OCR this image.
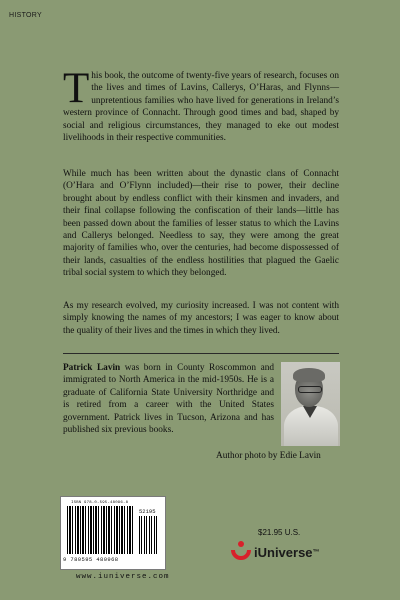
HISTORY

This book, the outcome of twenty-five years of research, focuses on the lives and times of Lavins, Callerys, O’Haras, and Flynns—unpretentious families who have lived for generations in Ireland’s western province of Connacht. Through good times and bad, shaped by social and religious circumstances, they managed to eke out modest livelihoods in their respective communities.

While much has been written about the dynastic clans of Connacht (O’Hara and O’Flynn included)—their rise to power, their decline brought about by endless conflict with their kinsmen and invaders, and their final collapse following the confiscation of their lands—little has been passed down about the families of lesser status to which the Lavins and Callerys belonged. Needless to say, they were among the great majority of families who, over the centuries, had become dispossessed of their lands, casualties of the endless hostilities that plagued the Gaelic tribal social system to which they belonged.

As my research evolved, my curiosity increased. I was not content with simply knowing the names of my ancestors; I was eager to know about the quality of their lives and the times in which they lived.

Patrick Lavin was born in County Roscommon and immigrated to North America in the mid-1950s. He is a graduate of California State University Northridge and is retired from a career with the United States government. Patrick lives in Tucson, Arizona and has published six previous books.

Author photo by Edie Lavin
ISBN 978-0-595-48096-8
52195
9 780595 480968
www.iuniverse.com
$21.95 U.S.
iUniverse ™
